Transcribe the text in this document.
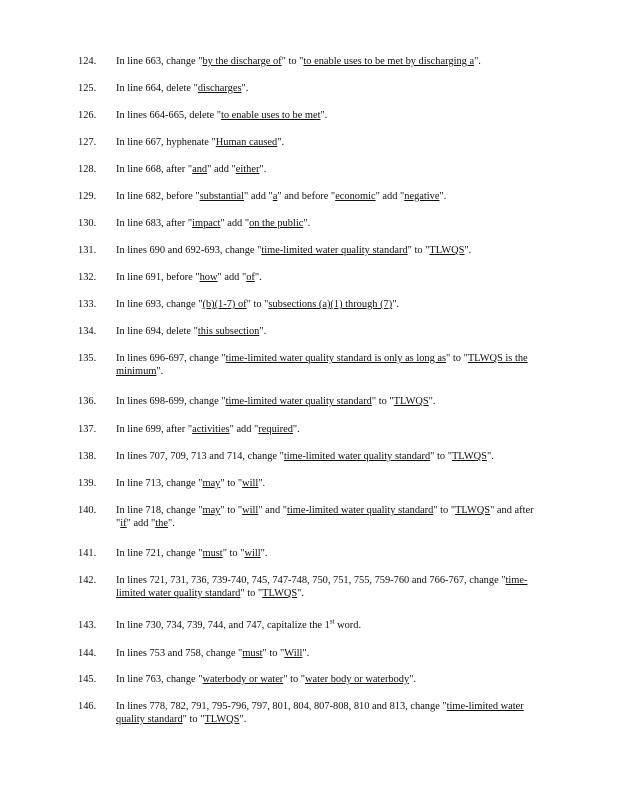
124.	In line 663, change "by the discharge of" to "to enable uses to be met by discharging a".
125.	In line 664, delete "discharges".
126.	In lines 664-665, delete "to enable uses to be met".
127.	In line 667, hyphenate "Human caused".
128.	In line 668, after "and" add "either".
129.	In line 682, before "substantial" add "a" and before "economic" add "negative".
130.	In line 683, after "impact" add "on the public".
131.	In lines 690 and 692-693, change "time-limited water quality standard" to "TLWQS".
132.	In line 691, before "how" add "of".
133.	In line 693, change "(b)(1-7) of" to "subsections (a)(1) through (7)".
134.	In line 694, delete "this subsection".
135.	In lines 696-697, change "time-limited water quality standard is only as long as" to "TLWQS is the minimum".
136.	In lines 698-699, change "time-limited water quality standard" to "TLWQS".
137.	In line 699, after "activities" add "required".
138.	In lines 707, 709, 713 and 714, change "time-limited water quality standard" to "TLWQS".
139.	In line 713, change "may" to "will".
140.	In line 718, change "may" to "will" and "time-limited water quality standard" to "TLWQS" and after "if" add "the".
141.	In line 721, change "must" to "will".
142.	In lines 721, 731, 736, 739-740, 745, 747-748, 750, 751, 755, 759-760 and 766-767, change "time-limited water quality standard" to "TLWQS".
143.	In line 730, 734, 739, 744, and 747, capitalize the 1st word.
144.	In lines 753 and 758, change "must" to "Will".
145.	In line 763, change "waterbody or water" to "water body or waterbody".
146.	In lines 778, 782, 791, 795-796, 797, 801, 804, 807-808, 810 and 813, change "time-limited water quality standard" to "TLWQS".
